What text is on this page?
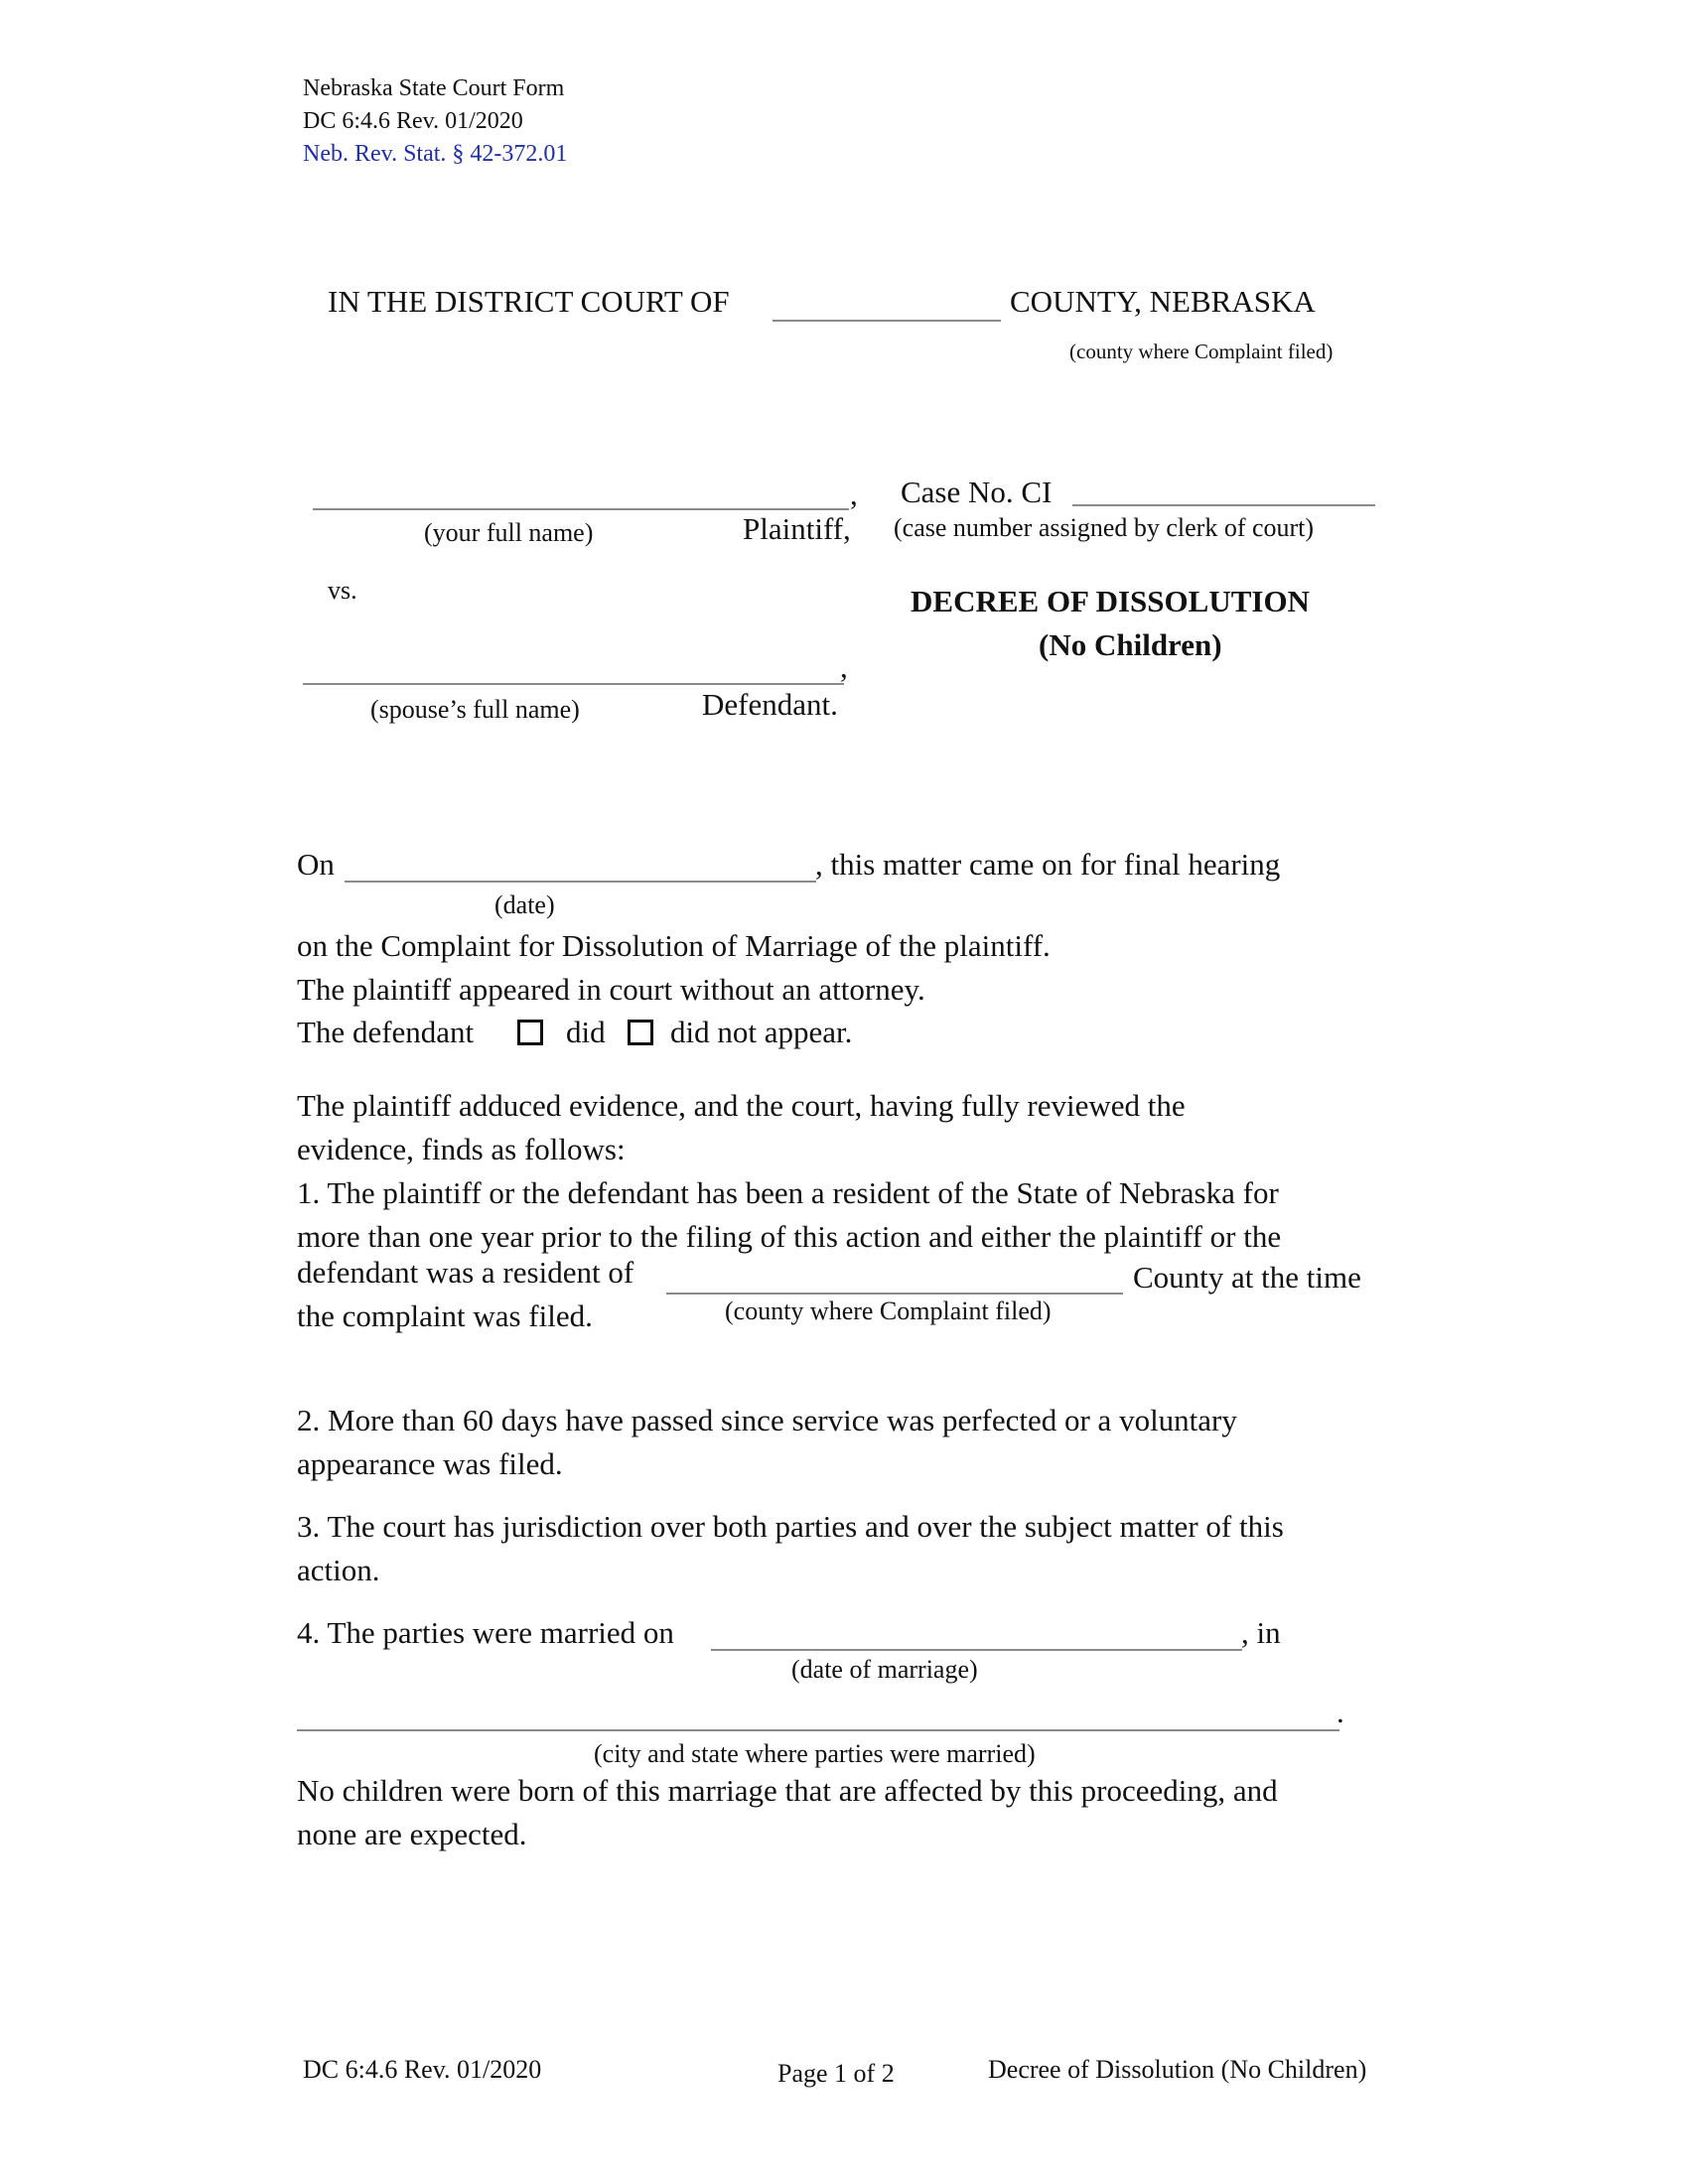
Nebraska State Court Form
DC 6:4.6 Rev. 01/2020
Neb. Rev. Stat. § 42-372.01
IN THE DISTRICT COURT OF	COUNTY, NEBRASKA
(county where Complaint filed)
,
(your full name)	Plaintiff,
Case No. CI
(case number assigned by clerk of court)
vs.	DECREE OF DISSOLUTION
(No Children)
,
(spouse’s full name)	Defendant.
On	, this matter came on for final hearing
(date)
on the Complaint for Dissolution of Marriage of the plaintiff.
The plaintiff appeared in court without an attorney.
The defendant	did did not appear.
The plaintiff adduced evidence, and the court, having fully reviewed the
evidence, finds as follows:
1. The plaintiff or the defendant has been a resident of the State of Nebraska for
more than one year prior to the filing of this action and either the plaintiff or the
defendant was a resident of	County at the time
the complaint was filed.	(county where Complaint filed)
2. More than 60 days have passed since service was perfected or a voluntary
appearance was filed.
3. The court has jurisdiction over both parties and over the subject matter of this
action.
4. The parties were married on	, in
(date of marriage)
.
(city and state where parties were married)
No children were born of this marriage that are affected by this proceeding, and
none are expected.
DC 6:4.6 Rev. 01/2020	Page 1 of 2	Decree of Dissolution (No Children)
